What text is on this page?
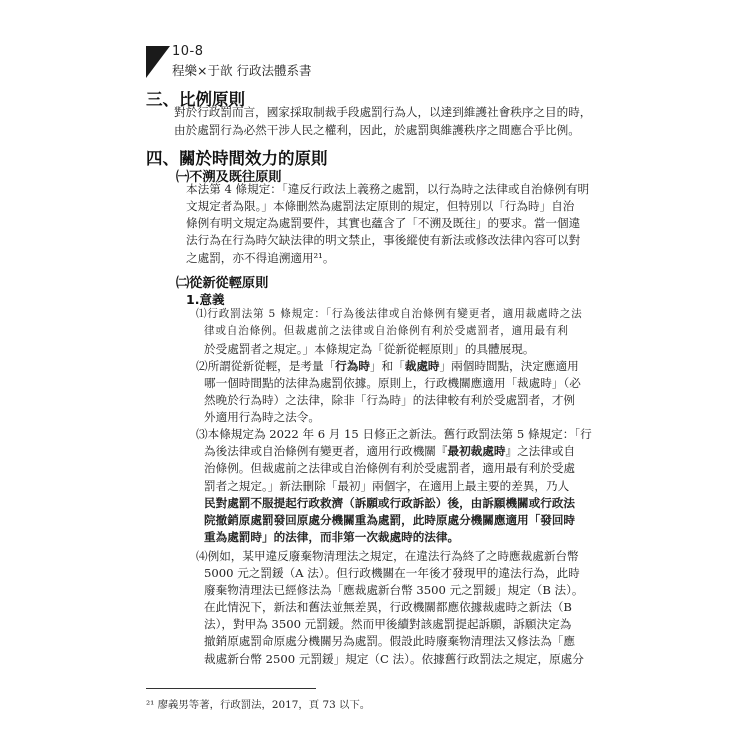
10-8
程樂×于歆 行政法體系書
三、比例原則
對於行政罰而言，國家採取制裁手段處罰行為人，以達到維護社會秩序之目的時，
由於處罰行為必然干涉人民之權利，因此，於處罰與維護秩序之間應合乎比例。
四、關於時間效力的原則
㈠不溯及既往原則
本法第 4 條規定：「違反行政法上義務之處罰，以行為時之法律或自治條例有明
文規定者為限。」本條刪然為處罰法定原則的規定，但特別以「行為時」自治
條例有明文規定為處罰要件，其實也蘊含了「不溯及既往」的要求。當一個違
法行為在行為時欠缺法律的明文禁止，事後縱使有新法或修改法律內容可以對
之處罰，亦不得追溯適用²¹。
㈡從新從輕原則
1.意義
⑴行政罰法第 5 條規定：「行為後法律或自治條例有變更者，適用裁處時之法
律或自治條例。但裁處前之法律或自治條例有利於受處罰者，適用最有利
於受處罰者之規定。」本條規定為「從新從輕原則」的具體展現。
⑵所謂從新從輕，是考量「行為時」和「裁處時」兩個時間點，決定應適用
哪一個時間點的法律為處罰依據。原則上，行政機關應適用「裁處時」（必
然晚於行為時）之法律，除非「行為時」的法律較有利於受處罰者，才例
外適用行為時之法令。
⑶本條規定為 2022 年 6 月 15 日修正之新法。舊行政罰法第 5 條規定：「行
為後法律或自治條例有變更者，適用行政機關『最初裁處時』之法律或自
治條例。但裁處前之法律或自治條例有利於受處罰者，適用最有利於受處
罰者之規定。」新法刪除「最初」兩個字，在適用上最主要的差異，乃人
民對處罰不服提起行政救濟（訴願或行政訴訟）後，由訴願機關或行政法
院撤銷原處罰發回原處分機關重為處罰，此時原處分機關應適用「發回時
重為處罰時」的法律，而非第一次裁處時的法律。
⑷例如，某甲違反廢棄物清理法之規定，在違法行為終了之時應裁處新台幣
5000 元之罰鍰（A 法）。但行政機關在一年後才發現甲的違法行為，此時
廢棄物清理法已經修法為「應裁處新台幣 3500 元之罰鍰」規定（B 法）。
在此情況下，新法和舊法並無差異，行政機關都應依據裁處時之新法（B
法），對甲為 3500 元罰鍰。然而甲後續對該處罰提起訴願，訴願決定為
撤銷原處罰命原處分機關另為處罰。假設此時廢棄物清理法又修法為「應
裁處新台幣 2500 元罰鍰」規定（C 法）。依據舊行政罰法之規定，原處分
²¹ 廖義男等著，行政罰法，2017，頁 73 以下。
